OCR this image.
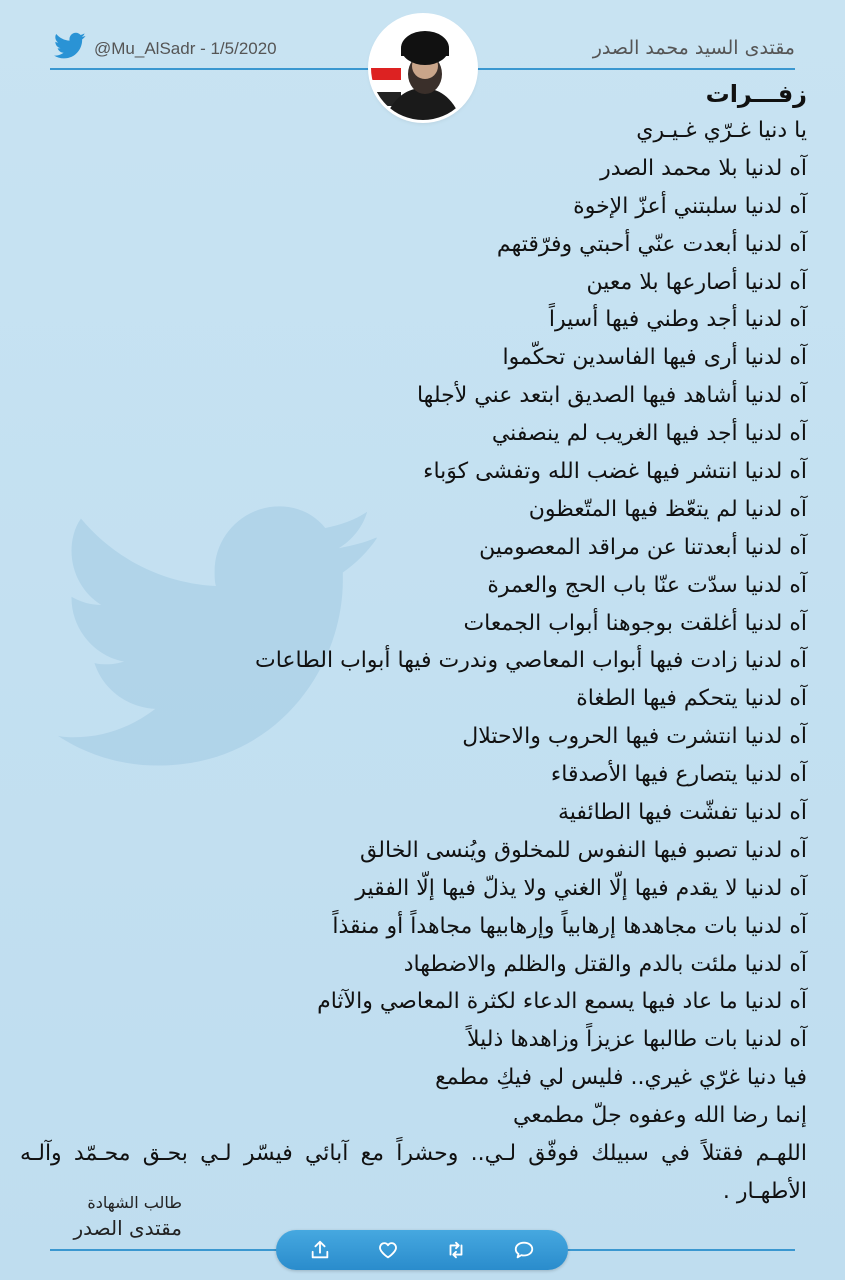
@Mu_AlSadr - 1/5/2020	مقتدى السيد محمد الصدر
زفـــرات
يا دنيا غـرّي غـيـري
آه لدنيا بلا محمد الصدر
آه لدنيا سلبتني أعزّ الإخوة
آه لدنيا أبعدت عنّي أحبتي وفرّقتهم
آه لدنيا أصارعها بلا معين
آه لدنيا أجد وطني فيها أسيراً
آه لدنيا أرى فيها الفاسدين تحكّموا
آه لدنيا أشاهد فيها الصديق ابتعد عني لأجلها
آه لدنيا أجد فيها الغريب لم ينصفني
آه لدنيا انتشر فيها غضب الله وتفشى كوَباء
آه لدنيا لم يتعّظ فيها المتّعظون
آه لدنيا أبعدتنا عن مراقد المعصومين
آه لدنيا سدّت عنّا باب الحج والعمرة
آه لدنيا أغلقت بوجوهنا أبواب الجمعات
آه لدنيا زادت فيها أبواب المعاصي وندرت فيها أبواب الطاعات
آه لدنيا يتحكم فيها الطغاة
آه لدنيا انتشرت فيها الحروب والاحتلال
آه لدنيا يتصارع فيها الأصدقاء
آه لدنيا تفشّت فيها الطائفية
آه لدنيا تصبو فيها النفوس للمخلوق ويُنسى الخالق
آه لدنيا لا يقدم فيها إلّا الغني ولا يذلّ فيها إلّا الفقير
آه لدنيا بات مجاهدها إرهابياً وإرهابيها مجاهداً أو منقذاً
آه لدنيا ملئت بالدم والقتل والظلم والاضطهاد
آه لدنيا ما عاد فيها يسمع الدعاء لكثرة المعاصي والآثام
آه لدنيا بات طالبها عزيزاً وزاهدها ذليلاً
فيا دنيا غرّي غيري.. فليس لي فيكِ مطمع
إنما رضا الله وعفوه جلّ مطمعي
اللهـم فقتلاً في سبيلك فوفّق لـي.. وحشراً مع آبائي فيسّر لـي بحـق محـمّد وآلـه الأطهـار .
طالب الشهادة
مقتدى الصدر
